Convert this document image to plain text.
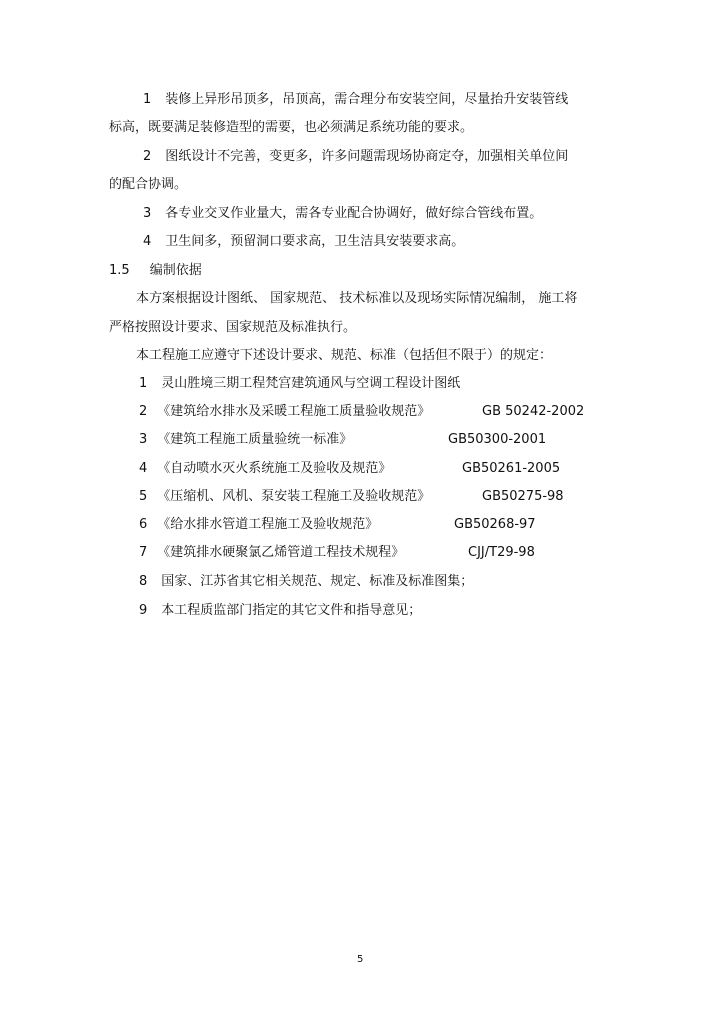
1 装修上异形吊顶多，吊顶高，需合理分布安装空间，尽量抬升安装管线
标高，既要满足装修造型的需要，也必须满足系统功能的要求。
2 图纸设计不完善，变更多，许多问题需现场协商定夺，加强相关单位间
的配合协调。
3 各专业交叉作业量大，需各专业配合协调好，做好综合管线布置。
4 卫生间多，预留洞口要求高，卫生洁具安装要求高。
1.5 编制依据
本方案根据设计图纸、 国家规范、 技术标准以及现场实际情况编制， 施工将
严格按照设计要求、国家规范及标准执行。
本工程施工应遵守下述设计要求、规范、标准（包括但不限于）的规定：
1 灵山胜境三期工程梵宫建筑通风与空调工程设计图纸
2 《建筑给水排水及采暖工程施工质量验收规范》	GB 50242-2002
3 《建筑工程施工质量验统一标准》	GB50300-2001
4 《自动喷水灭火系统施工及验收及规范》	GB50261-2005
5 《压缩机、风机、泵安装工程施工及验收规范》	GB50275-98
6 《给水排水管道工程施工及验收规范》	GB50268-97
7 《建筑排水硬聚氯乙烯管道工程技术规程》	CJJ/T29-98
8 国家、江苏省其它相关规范、规定、标准及标准图集；
9 本工程质监部门指定的其它文件和指导意见；
5
